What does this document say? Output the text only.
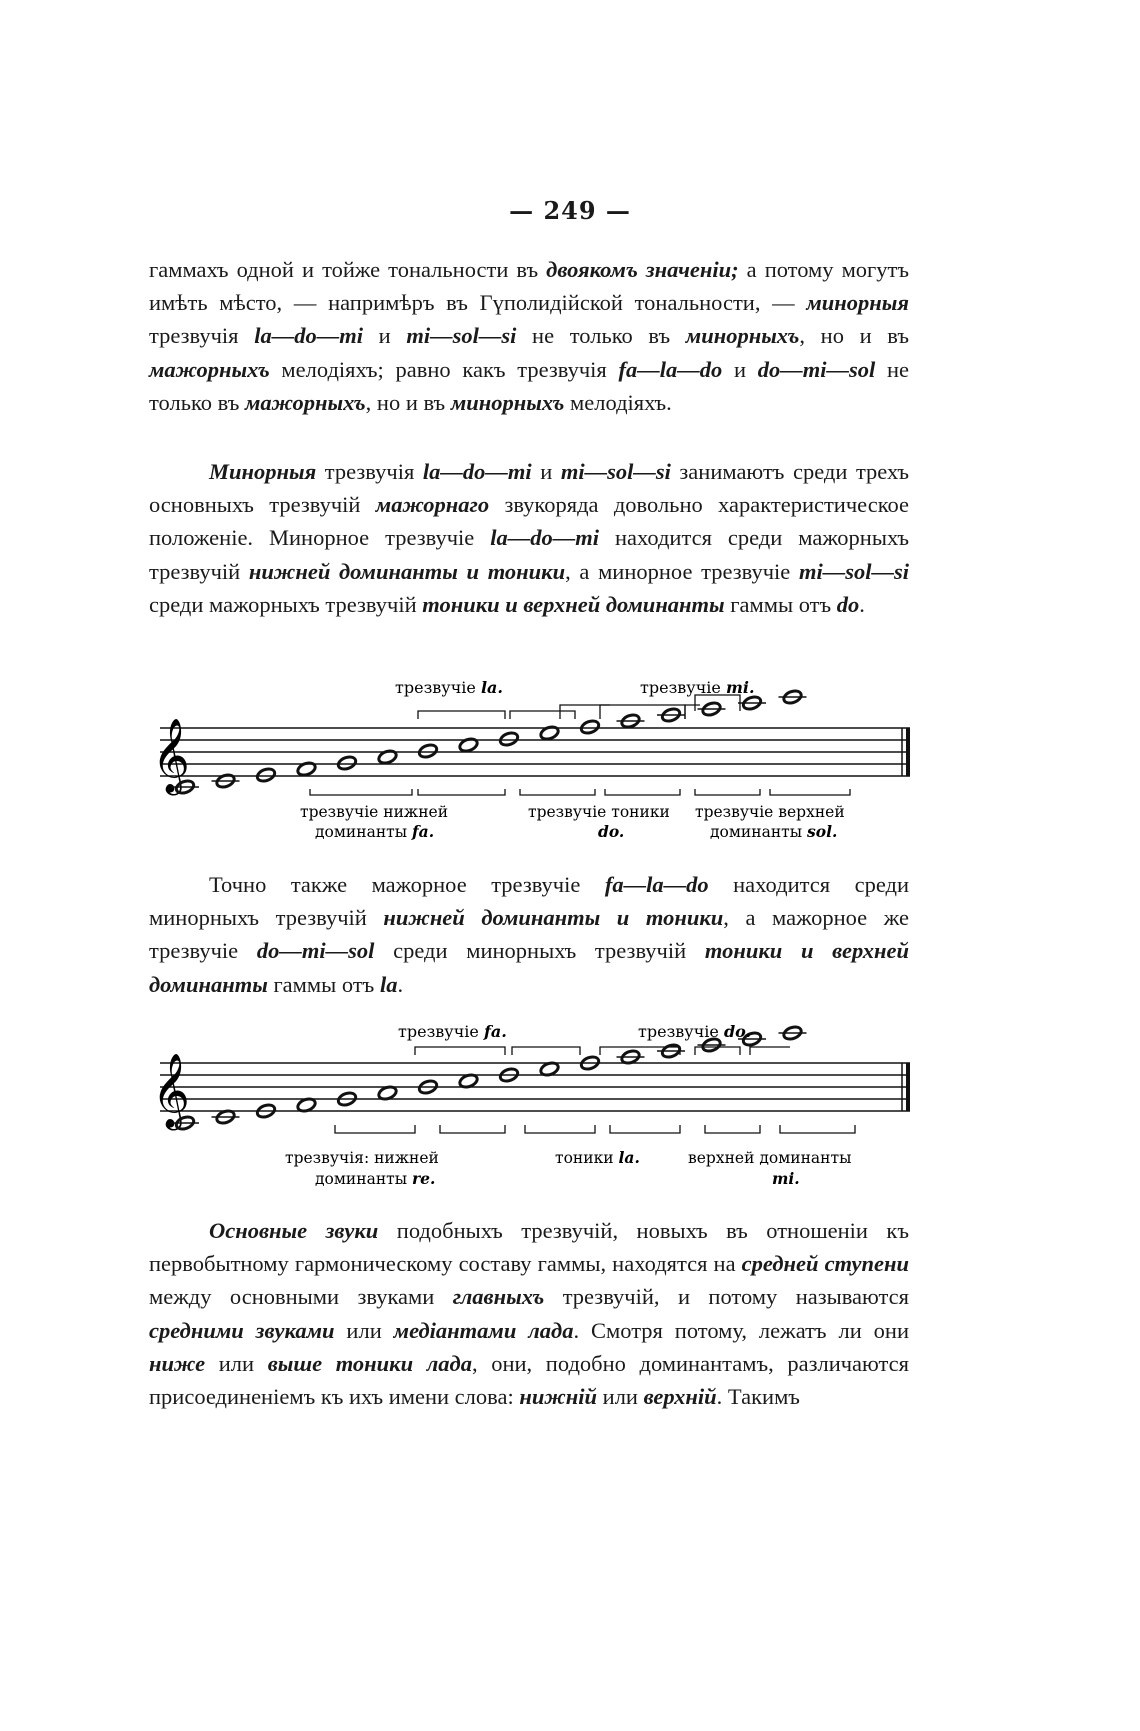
— 249 —
гаммахъ одной и тойже тональности въ двоякомъ значеніи; а потому могутъ имѣть мѣсто, — напримѣръ въ Гүполидійской тональности, — минорныя трезвучія la—do—mi и mi—sol—si не только въ минорныхъ, но и въ мажорныхъ мелодіяхъ; равно какъ трезвучія fa—la—do и do—mi—sol не только въ мажорныхъ, но и въ минорныхъ мелодіяхъ.
Минорныя трезвучія la—do—mi и mi—sol—si занимаютъ среди трехъ основныхъ трезвучій мажорнаго звукоряда довольно характеристическое положеніе. Минорное трезвучіе la—do—mi находится среди мажорныхъ трезвучій нижней доминанты и тоники, а минорное трезвучіе mi—sol—si среди мажорныхъ трезвучій тоники и верхней доминанты гаммы отъ do.
𝄞
трезвучіе la.	трезвучіе mi.
трезвучіе нижней
доминанты fa.
трезвучіе тоники
do.
трезвучіе верхней
доминанты sol.
Точно также мажорное трезвучіе fa—la—do находится среди минорныхъ трезвучій нижней доминанты и тоники, а мажорное же трезвучіе do—mi—sol среди минорныхъ трезвучій тоники и верхней доминанты гаммы отъ la.
𝄞
трезвучіе fa.	трезвучіе do.
трезвучія: нижней
доминанты re.
тоники la.	верхней доминанты
mi.
Основные звуки подобныхъ трезвучій, новыхъ въ отношеніи къ первобытному гармоническому составу гаммы, находятся на средней ступени между основными звуками главныхъ трезвучій, и потому называются средними звуками или медіантами лада. Смотря потому, лежатъ ли они ниже или выше тоники лада, они, подобно доминантамъ, различаются присоединеніемъ къ ихъ имени слова: нижній или верхній. Такимъ
